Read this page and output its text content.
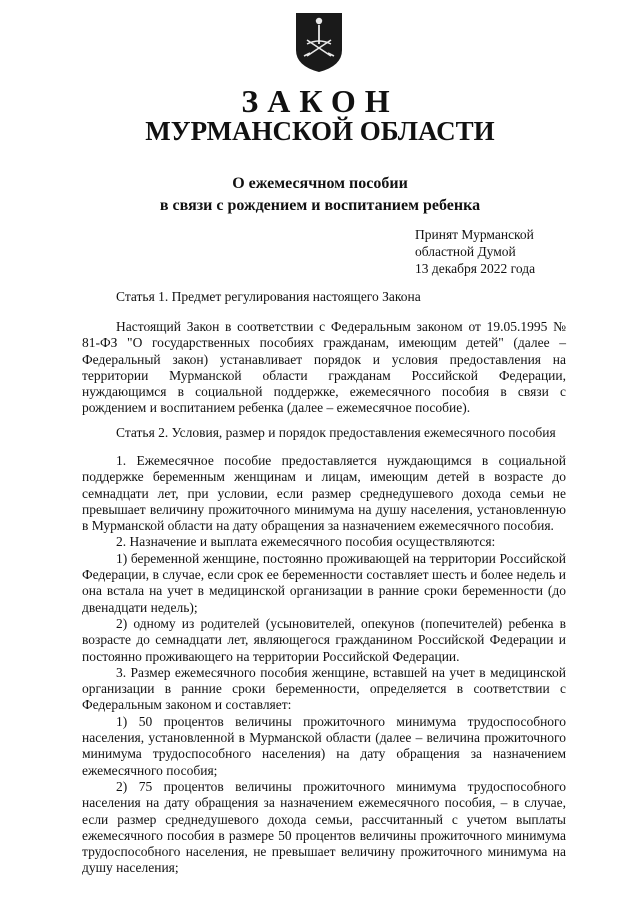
ЗАКОН
МУРМАНСКОЙ ОБЛАСТИ
О ежемесячном пособии
в связи с рождением и воспитанием ребенка
Принят Мурманской
областной Думой
13 декабря 2022 года
Статья 1. Предмет регулирования настоящего Закона

Настоящий Закон в соответствии с Федеральным законом от 19.05.1995 № 81-ФЗ "О государственных пособиях гражданам, имеющим детей" (далее – Федеральный закон) устанавливает порядок и условия предоставления на территории Мурманской области гражданам Российской Федерации, нуждающимся в социальной поддержке, ежемесячного пособия в связи с рождением и воспитанием ребенка (далее – ежемесячное пособие).

Статья 2. Условия, размер и порядок предоставления ежемесячного пособия

1. Ежемесячное пособие предоставляется нуждающимся в социальной поддержке беременным женщинам и лицам, имеющим детей в возрасте до семнадцати лет, при условии, если размер среднедушевого дохода семьи не превышает величину прожиточного минимума на душу населения, установленную в Мурманской области на дату обращения за назначением ежемесячного пособия.

2. Назначение и выплата ежемесячного пособия осуществляются:

1) беременной женщине, постоянно проживающей на территории Российской Федерации, в случае, если срок ее беременности составляет шесть и более недель и она встала на учет в медицинской организации в ранние сроки беременности (до двенадцати недель);

2) одному из родителей (усыновителей, опекунов (попечителей) ребенка в возрасте до семнадцати лет, являющегося гражданином Российской Федерации и постоянно проживающего на территории Российской Федерации.

3. Размер ежемесячного пособия женщине, вставшей на учет в медицинской организации в ранние сроки беременности, определяется в соответствии с Федеральным законом и составляет:

1) 50 процентов величины прожиточного минимума трудоспособного населения, установленной в Мурманской области (далее – величина прожиточного минимума трудоспособного населения) на дату обращения за назначением ежемесячного пособия;

2) 75 процентов величины прожиточного минимума трудоспособного населения на дату обращения за назначением ежемесячного пособия, – в случае, если размер среднедушевого дохода семьи, рассчитанный с учетом выплаты ежемесячного пособия в размере 50 процентов величины прожиточного минимума трудоспособного населения, не превышает величину прожиточного минимума на душу населения;
